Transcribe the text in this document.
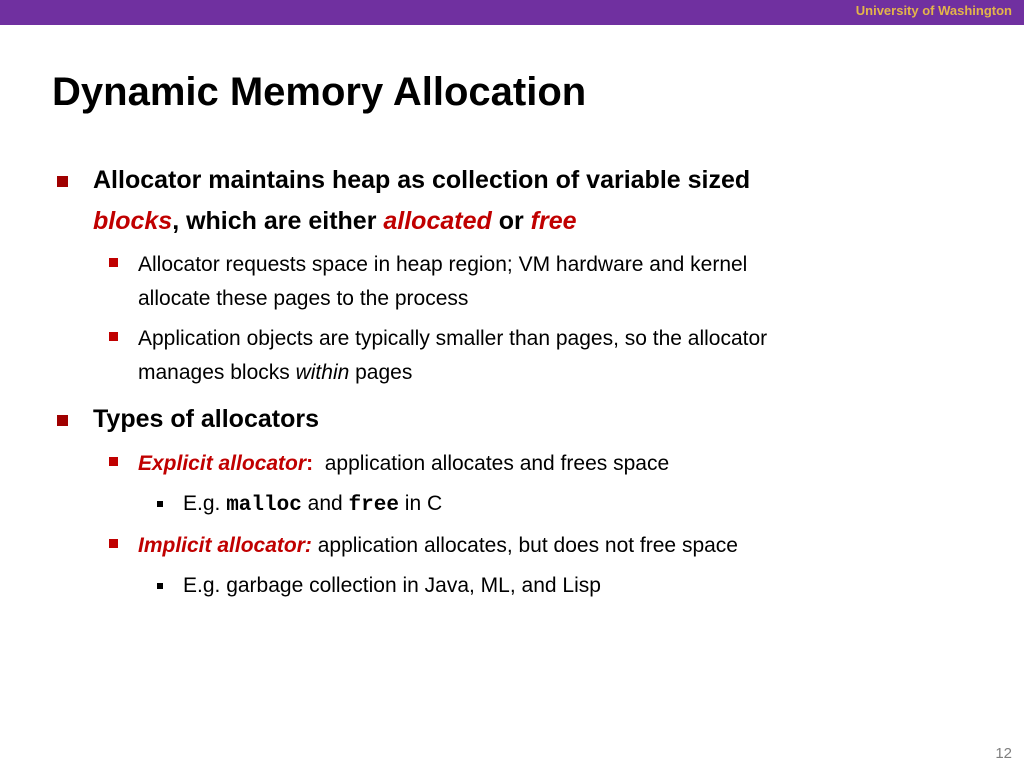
University of Washington
Dynamic Memory Allocation
Allocator maintains heap as collection of variable sized
blocks, which are either allocated or free
Allocator requests space in heap region; VM hardware and kernel
allocate these pages to the process
Application objects are typically smaller than pages, so the allocator
manages blocks within pages
Types of allocators
Explicit allocator:  application allocates and frees space
E.g. malloc and free in C
Implicit allocator: application allocates, but does not free space
E.g. garbage collection in Java, ML, and Lisp
12
